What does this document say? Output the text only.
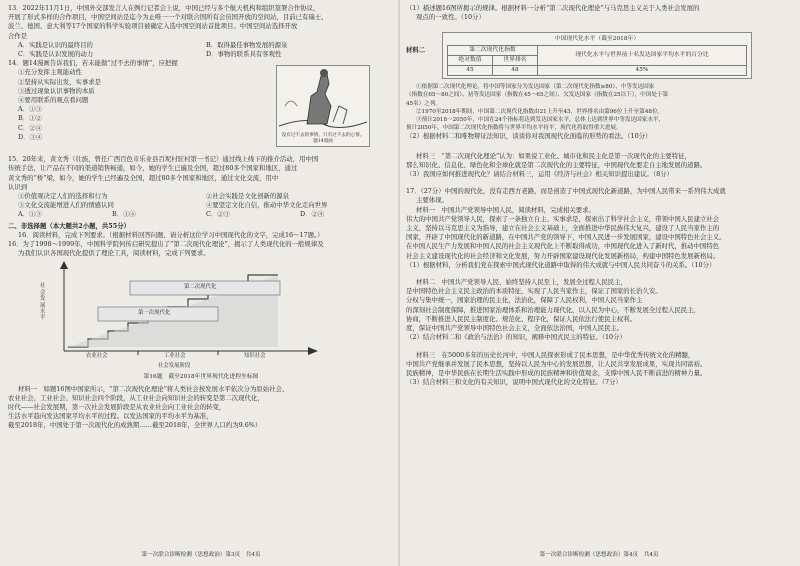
13．2022年11月1日，中国外交部发言人在例行记者会上说，中国已经与多个航天机构和组织签署合作协议，

开展了形式多样的合作项目，中国空间站是迄今为止唯一一个对联合国所有会员国开放的空间站，目前已有瑞士、

波兰、德国、意大利等17个国家的科学实验项目被确定入选中国空间站首批项目。中国空间站选择开放

合作是

A．实践是认识的最终目的	B．取得最佳事物发展的源泉
C．实践是认识发展的动力	D．事物的联系具有客观性

14．题14漫画告诉我们，若未能做“过不去的事情”，应把握

①充分发挥主观能动性

②坚持从实际出发，实事求是

③透过现象认识事物的本质

④要用联系的观点看问题

A．①③

B．①②

C．②④

D．③④	没有过不去的事情，只有过不去的心情。
题14漫画

15．20年来，黄文秀（壮族，曾任广西百色市乐业县百坭村驻村第一书记）通过线上线下的推介活动，用中国

传统手法，让产品在不同的渠道销售畅通，如今，她的学生已遍及全国，超过80多个国家和地区，通过

黄文秀的“桥”梁，如今，她的学生已经遍及全国，超过80多个国家和地区，通过文化交流，用中

认识到

①价值观决定人们的选择和行为	②社会实践是文化创新的源泉
③文化交流能增进人们的情感认同	④要坚定文化自信，推动中华文化走向世界
A．①③	B．①④	C．②③	D．②④

二、非选择题（本大题共2小题，共55分）

16．阅读材料，完成下列要求。（根据材料回答问题，请分析这位学习中国现代化的文字，完成16～17题。）

16．为了1998～1999年，中国科学院何传启研究提出了“第二次现代化理论”，揭示了人类现代化的一般规律及

为我们认识各国现代化提供了理论工具，阅读材料，完成下列要求。

社会发展水平
第二次现代化
第一次现代化
农业社会	工业社会	知识社会
社会发展阶段

第16题　截至2018年世界现代化进程坐标图

材料一　如题16图中国家所示，“第二次现代化理论”将人类社会按发展水平依次分为原始社会、

农业社会、工业社会、知识社会四个阶段，从工业社会向知识社会的转变是第二次现代化，

时代——社会发展期，第一次社会发展阶段是从农业社会向工业社会的转变，

生活水平趋向发达国家平均水平的过程。以发达国家的平均水平为基准，

截至2018年，中国处于第一次现代化的成熟期……截至2018年，全世界人口约为9.6%）

第一次联合诊断检测（思想政治）第3页　共4页

（1）描述题16图所揭示的规律。根据材料一分析“第二次现代化理论”与马克思主义关于人类社会发展的

观点的一致性。（10分）

材料二
中国现代化水平（截至2018年）
第二次现代化指数		现代化水平与世界前十名发达国家平均水平的百分比
绝对数值	世界排名	
45	48	45%

①依据第二次现代化理论，将中国等国家分为发达国家（第二次现代化指数≥80）、中等发达国家

（指数在65～80之间）、初等发达国家（指数在45～65之间）、欠发达国家（指数在25以下），中国处于第

45名）之列。

②1970至2018年期间，中国第二次现代化指数由21上升至45，世界排名由第96位上升至第48位。

③预计2018～2050年，中国在24个指标将达到发达国家水平，总体上达到世界中等发达国家水平，

预计2050年，中国第二次现代化指数将与世界平均水平持平，现代化将取得重大进展。

（2）根据材料二和唯物辩证法知识，谈谈你对我国现代化面临的形势的看法。（10分）

材料三　“第二次现代化理论”认为：如果说工业化、城市化和民主化是第一次现代化的主要特征，

那么知识化、信息化、绿色化和全球化就是第二次现代化的主要特征，中国现代化要走自主地发展的道路。

（3）我国应如何推进现代化？请结合材料三，运用《经济与社会》相关知识提出建议。（8分）

17．（27分）中国的现代化，没有走西方老路，而是创造了中国式现代化新道路，为中国人民带来一系列伟大成就

主要体现。

材料一　中国共产党领导中国人民，阅读材料，完成相关要求。

伟大的中国共产党领导人民，探索了一条独立自主、实事求是，探索出了科学社会主义，带领中国人民建立社会

主义，坚持以马克思主义为指导，建立在社会主义基础上，全面推进中华民族伟大复兴，建设了人民当家作主的

国家，开辟了中国现代化的新道路，在中国共产党的领导下，中国人民进一步发展国家，建设中国特色社会主义。

在中国人民生产力发展和中国人民的社会主义现代化上不断取得成功，中国现代化进入了新时代，推动中国特色

社会主义建设现代化的社会经济和文化发展，努力开辟国家建设现代化发展新格局，构建中国特色发展新格局。

（1）根据材料，分析我们党在探索中国式现代化道路中取得的伟大成就与中国人民共同奋斗的关系。（10分）

材料二　中国共产党领导人民，始终坚持人民至上，发展全过程人民民主，

是中国特色社会主义民主政治的本质特征，实现了人民当家作主，保证了国家的长治久安。

分权与集中统一，国家治理的民主化，法治化，保障了人民权利，中国人民当家作主

的深刻社会制度保障，推进国家治理体系和治理能力现代化，以人民为中心，不断发展全过程人民民主，

协商，不断推进人民民主制度化、规范化、程序化，保证人民依法行使民主权利。

度，保证中国共产党领导中国特色社会主义，全面依法治国，中国人民民主。

（2）结合材料二和《政治与法治》的知识，阐释中国式民主的特征。（10分）

材料三　在5000多年的历史长河中，中国人民探索形成了民本思想，是中华优秀传统文化的精髓，

中国共产党继承并发展了民本思想，坚持以人民为中心的发展思想，让人民共享发展成果，实现共同富裕。

民族精神，是中华民族在长期生活实践中形成的民族精神和价值观念，支撑中国人民不断前进的精神力量。

（3）结合材料三和文化的有关知识，说明中国式现代化的文化特征。（7分）

第一次联合诊断检测（思想政治）第4页　共4页
